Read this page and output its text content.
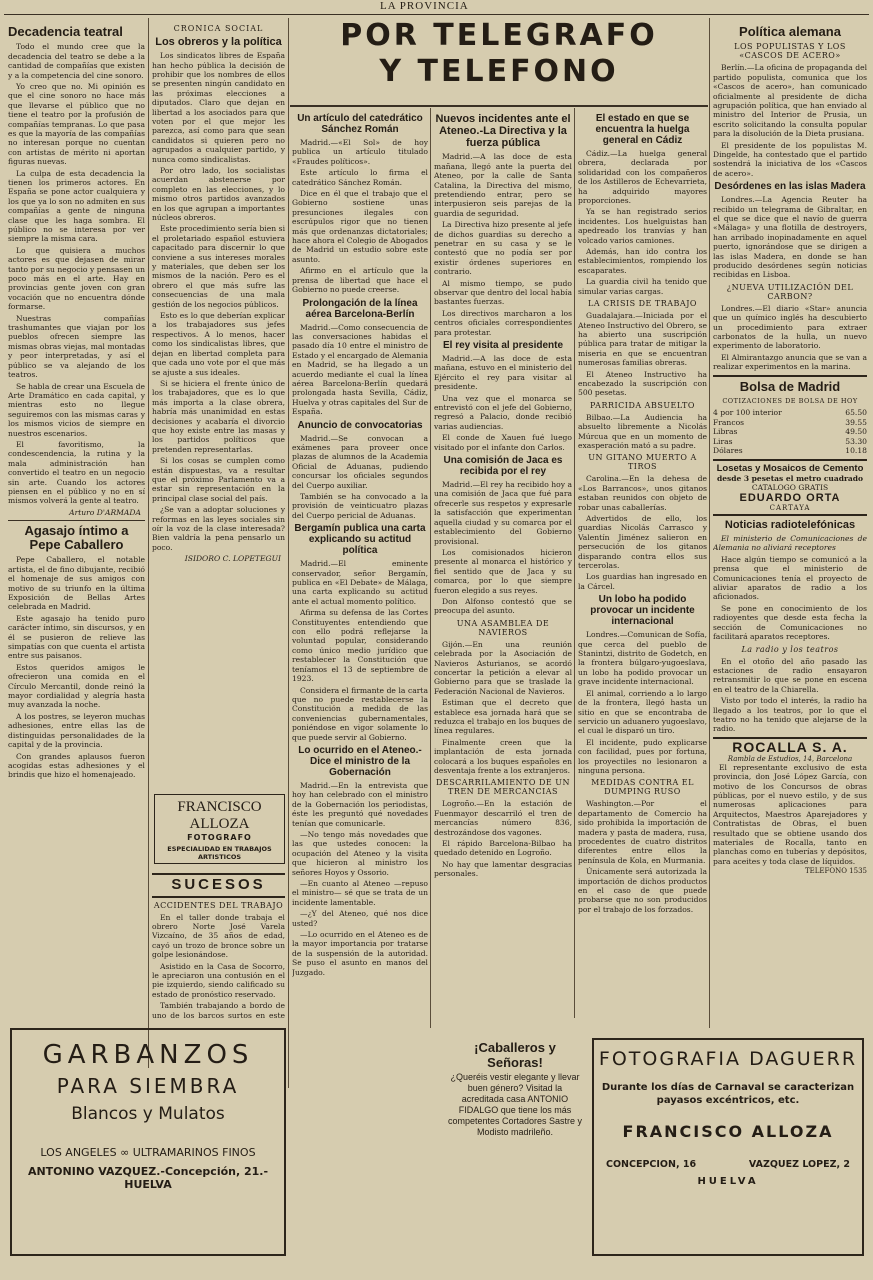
LA PROVINCIA
Decadencia teatral

Todo el mundo cree que la decadencia del teatro se debe a la cantidad de compañías que existen y a la competencia del cine sonoro.

Yo creo que no. Mi opinión es que el cine sonoro no hace más que llevarse el público que no tiene el teatro por la profusión de compañías tempranas. Lo que pasa es que la mayoría de las compañías no interesan porque no cuentan con artistas de mérito ni aportan figuras nuevas.

La culpa de esta decadencia la tienen los primeros actores. En España se pone actor cualquiera y los que ya lo son no admiten en sus compañías a gente de ninguna clase que les haga sombra. El público no se interesa por ver siempre la misma cara.

Lo que quisiera a muchos actores es que dejasen de mirar tanto por su negocio y pensasen un poco más en el arte. Hay en provincias gente joven con gran vocación que no encuentra dónde formarse.

Nuestras compañías trashumantes que viajan por los pueblos ofrecen siempre las mismas obras viejas, mal montadas y peor interpretadas, y así el público se va alejando de los teatros.

Se habla de crear una Escuela de Arte Dramático en cada capital, y mientras esto no llegue seguiremos con las mismas caras y los mismos vicios de siempre en nuestros escenarios.

El favoritismo, la condescendencia, la rutina y la mala administración han convertido el teatro en un negocio sin arte. Cuando los actores piensen en el público y no en sí mismos volverá la gente al teatro.

Arturo D'ARMADA
Agasajo íntimo a Pepe Caballero

Pepe Caballero, el notable artista, el de fino dibujante, recibió el homenaje de sus amigos con motivo de su triunfo en la última Exposición de Bellas Artes celebrada en Madrid.

Este agasajo ha tenido puro carácter íntimo, sin discursos, y en él se pusieron de relieve las simpatías con que cuenta el artista entre sus paisanos.

Estos queridos amigos le ofrecieron una comida en el Círculo Mercantil, donde reinó la mayor cordialidad y alegría hasta muy avanzada la noche.

A los postres, se leyeron muchas adhesiones, entre ellas las de distinguidas personalidades de la capital y de la provincia.

Con grandes aplausos fueron acogidas estas adhesiones y el brindis que hizo el homenajeado.

GARBANZOS
PARA SIEMBRA
Blancos y Mulatos
LOS ANGELES ∞ ULTRAMARINOS FINOS
ANTONINO VAZQUEZ.-Concepción, 21.-HUELVA
CRONICA SOCIAL
Los obreros y la política

Los sindicatos libres de España han hecho pública la decisión de prohibir que los nombres de ellos se presenten ningún candidato en las próximas elecciones a diputados. Claro que dejan en libertad a los asociados para que voten por el que mejor les parezca, así como para que sean candidatos si quieren pero no agrupados a cualquier partido, y nunca como sindicalistas.

Por otro lado, los socialistas acuerdan abstenerse por completo en las elecciones, y lo mismo otros partidos avanzados en los que agrupan a importantes núcleos obreros.

Este procedimiento sería bien si el proletariado español estuviera capacitado para discernir lo que conviene a sus intereses morales y materiales, que deben ser los mismos de la nación. Pero es el obrero el que más sufre las consecuencias de una mala gestión de los negocios públicos.

Esto es lo que deberían explicar a los trabajadores sus jefes respectivos. A lo menos, hacer como los sindicalistas libres, que dejan en libertad completa para que cada uno vote por el que más se ajuste a sus ideales.

Si se hiciera el frente único de los trabajadores, que es lo que más importa a la clase obrera, habría más unanimidad en estas decisiones y acabaría el divorcio que hoy existe entre las masas y los partidos políticos que pretenden representarlas.

Si los cosas se cumplen como están dispuestas, va a resultar que el próximo Parlamento va a estar sin representación en la principal clase social del país.

¿Se van a adoptar soluciones y reformas en las leyes sociales sin oír la voz de la clase interesada? Bien valdría la pena pensarlo un poco.

ISIDORO C. LOPETEGUI
FRANCISCO ALLOZA
FOTOGRAFO
ESPECIALIDAD EN TRABAJOS ARTISTICOS
SUCESOS
ACCIDENTES DEL TRABAJO

En el taller donde trabaja el obrero Norte José Varela Vizcaíno, de 35 años de edad, cayó un trozo de bronce sobre un golpe lesionándose.

Asistido en la Casa de Socorro, le apreciaron una contusión en el pie izquierdo, siendo calificado su estado de pronóstico reservado.

También trabajando a bordo de uno de los barcos surtos en este

POR TELEGRAFO
Y TELEFONO
Un artículo del catedrático Sánchez Román

Madrid.—«El Sol» de hoy publica un artículo titulado «Fraudes políticos».

Este artículo lo firma el catedrático Sánchez Román.

Dice en él que el trabajo que el Gobierno sostiene unas presunciones ilegales con escrúpulos rigor que no tienen más que ordenanzas dictatoriales; hace ahora el Colegio de Abogados de Madrid un estudio sobre este asunto.

Afirmo en el artículo que la prensa de libertad que hace el Gobierno no puede creerse.

Prolongación de la línea aérea Barcelona-Berlín

Madrid.—Como consecuencia de las conversaciones habidas el pasado día 10 entre el ministro de Estado y el encargado de Alemania en Madrid, se ha llegado a un acuerdo mediante el cual la línea aérea Barcelona-Berlín quedará prolongada hasta Sevilla, Cádiz, Huelva y otras capitales del Sur de España.

Anuncio de convocatorias

Madrid.—Se convocan a exámenes para proveer once plazas de alumnos de la Academia Oficial de Aduanas, pudiendo concursar los oficiales segundos del Cuerpo auxiliar.

También se ha convocado a la provisión de veinticuatro plazas del Cuerpo pericial de Aduanas.

Bergamín publica una carta explicando su actitud política

Madrid.—El eminente conservador, señor Bergamín, publica en «El Debate» de Málaga, una carta explicando su actitud ante el actual momento político.

Afirma su defensa de las Cortes Constituyentes entendiendo que con ello podrá reflejarse la voluntad popular, considerando como único medio jurídico que restablecer la Constitución que teníamos el 13 de septiembre de 1923.

Considera el firmante de la carta que no puede restablecerse la Constitución a medida de las conveniencias gubernamentales, poniéndose en vigor solamente lo que puede servir al Gobierno.

Lo ocurrido en el Ateneo.-Dice el ministro de la Gobernación

Madrid.—En la entrevista que hoy han celebrado con el ministro de la Gobernación los periodistas, éste les preguntó qué novedades tenían que comunicarle.

—No tengo más novedades que las que ustedes conocen: la ocupación del Ateneo y la visita que hicieron al ministro los señores Hoyos y Ossorio.

—En cuanto al Ateneo —repuso el ministro— sé que se trata de un incidente lamentable.

—¿Y del Ateneo, qué nos dice usted?

—Lo ocurrido en el Ateneo es de la mayor importancia por tratarse de la suspensión de la autoridad. Se puso el asunto en manos del Juzgado.

Nuevos incidentes ante el Ateneo.-La Directiva y la fuerza pública

Madrid.—A las doce de esta mañana, llegó ante la puerta del Ateneo, por la calle de Santa Catalina, la Directiva del mismo, pretendiendo entrar, pero se interpusieron seis parejas de la guardia de seguridad.

La Directiva hizo presente al jefe de dichos guardias su derecho a penetrar en su casa y se le contestó que no podía ser por existir órdenes superiores en contrario.

Al mismo tiempo, se pudo observar que dentro del local había bastantes fuerzas.

Los directivos marcharon a los centros oficiales correspondientes para protestar.

El rey visita al presidente

Madrid.—A las doce de esta mañana, estuvo en el ministerio del Ejército el rey para visitar al presidente.

Una vez que el monarca se entrevistó con el jefe del Gobierno, regresó a Palacio, donde recibió varias audiencias.

El conde de Xauen fué luego visitado por el infante don Carlos.

Una comisión de Jaca es recibida por el rey

Madrid.—El rey ha recibido hoy a una comisión de Jaca que fué para ofrecerle sus respetos y expresarle la satisfacción que experimentan aquella ciudad y su comarca por el establecimiento del Gobierno provisional.

Los comisionados hicieron presente al monarca el histórico y fiel sentido que de Jaca y su comarca, por lo que siempre fueron elegido a sus reyes.

Don Alfonso contestó que se preocupa del asunto.

UNA ASAMBLEA DE NAVIEROS

Gijón.—En una reunión celebrada por la Asociación de Navieros Asturianos, se acordó concertar la petición a elevar al Gobierno para que se traslade la Federación Nacional de Navieros.

Estiman que el decreto que establece esa jornada hará que se reduzca el trabajo en los buques de línea regulares.

Finalmente creen que la implantación de esta jornada colocará a los buques españoles en desventaja frente a los extranjeros.

DESCARRILAMIENTO DE UN TREN DE MERCANCIAS

Logroño.—En la estación de Fuenmayor descarriló el tren de mercancías número 836, destrozándose dos vagones.

El rápido Barcelona-Bilbao ha quedado detenido en Logroño.

No hay que lamentar desgracias personales.

¡Caballeros y Señoras!
¿Queréis vestir elegante y llevar buen género? Visitad la acreditada casa ANTONIO FIDALGO que tiene los más competentes Cortadores Sastre y Modisto madrileño.
El estado en que se encuentra la huelga general en Cádiz

Cádiz.—La huelga general obrera, declarada por solidaridad con los compañeros de los Astilleros de Echevarrieta, ha adquirido mayores proporciones.

Ya se han registrado serios incidentes. Los huelguistas han apedreado los tranvías y han volcado varios camiones.

Además, han ido contra los establecimientos, rompiendo los escaparates.

La guardia civil ha tenido que simular varias cargas.

LA CRISIS DE TRABAJO

Guadalajara.—Iniciada por el Ateneo Instructivo del Obrero, se ha abierto una suscripción pública para tratar de mitigar la miseria en que se encuentran numerosas familias obreras.

El Ateneo Instructivo ha encabezado la suscripción con 500 pesetas.

PARRICIDA ABSUELTO

Bilbao.—La Audiencia ha absuelto libremente a Nicolás Múrcua que en un momento de exasperación mató a su padre.

UN GITANO MUERTO A TIROS

Carolina.—En la dehesa de «Los Barrancos», unos gitanos estaban reunidos con objeto de robar unas caballerías.

Advertidos de ello, los guardias Nicolás Carrasco y Valentín Jiménez salieron en persecución de los gitanos disparando contra ellos sus tercerolas.

Los guardias han ingresado en la Cárcel.

Un lobo ha podido provocar un incidente internacional

Londres.—Comunican de Sofía, que cerca del pueblo de Stanintzi, distrito de Godetch, en la frontera búlgaro-yugoeslava, un lobo ha podido provocar un grave incidente internacional.

El animal, corriendo a lo largo de la frontera, llegó hasta un sitio en que se encontraba de servicio un aduanero yugoeslavo, el cual le disparó un tiro.

El incidente, pudo explicarse con facilidad, pues por fortuna, los proyectiles no lesionaron a ninguna persona.

MEDIDAS CONTRA EL DUMPING RUSO

Washington.—Por el departamento de Comercio ha sido prohibida la importación de madera y pasta de madera, rusa, procedentes de cuatro distritos diferentes entre ellos la península de Kola, en Murmania.

Únicamente será autorizada la importación de dichos productos en el caso de que puede probarse que no son producidos por el trabajo de los forzados.

Política alemana
LOS POPULISTAS Y LOS «CASCOS DE ACERO»

Berlín.—La oficina de propaganda del partido populista, comunica que los «Cascos de acero», han comunicado oficialmente al presidente de dicha agrupación política, que han enviado al ministro del Interior de Prusia, un escrito solicitando la consulta popular para la disolución de la Dieta prusiana.

El presidente de los populistas M. Dingelde, ha contestado que el partido sostendrá la iniciativa de los «Cascos de acero».

Desórdenes en las islas Madera

Londres.—La Agencia Reuter ha recibido un telegrama de Gibraltar, en el que se dice que el navío de guerra «Málaga» y una flotilla de destroyers, han arribado inopinadamente en aquel puerto, ignorándose que se dirigen a las islas Madera, en donde se han producido desórdenes según noticias recibidas en Lisboa.

¿NUEVA UTILIZACIÓN DEL CARBON?

Londres.—El diario «Star» anuncia que un químico inglés ha descubierto un procedimiento para extraer carbonatos de la hulla, un nuevo experimento de laboratorio.

El Almirantazgo anuncia que se van a realizar experimentos en la marina.

Bolsa de Madrid
COTIZACIONES DE BOLSA DE HOY
4 por 100 interior	65.50
Francos	39.55
Libras	49.50
Liras	53.30
Dólares	10.18
Losetas y Mosaicos de Cemento
desde 3 pesetas el metro cuadrado
CATALOGO GRATIS
EDUARDO ORTA
CARTAYA
Noticias radiotelefónicas

El ministerio de Comunicaciones de Alemania no aliviará receptores

Hace algún tiempo se comunicó a la prensa que el ministerio de Comunicaciones tenía el proyecto de aliviar aparatos de radio a los aficionados.

Se pone en conocimiento de los radioyentes que desde esta fecha la sección de Comunicaciones no facilitará aparatos receptores.

La radio y los teatros

En el otoño del año pasado las estaciones de radio ensayaron retransmitir lo que se pone en escena en el teatro de la Chiarella.

Visto por todo el interés, la radio ha llegado a los teatros, por lo que el teatro no ha tenido que alejarse de la radio.

ROCALLA S. A.
Rambla de Estudios, 14, Barcelona
El representante exclusivo de esta provincia, don José López García, con motivo de los Concursos de obras públicas, por el nuevo estilo, y de sus numerosas aplicaciones para Arquitectos, Maestros Aparejadores y Contratistas de Obras, el buen resultado que se obtiene usando dos materiales de Rocalla, tanto en planchas como en tuberías y depósitos, para aceites y toda clase de líquidos.
TELEFONO 1535
FOTOGRAFIA DAGUERR
Durante los días de Carnaval se caracterizan
payasos excéntricos, etc.
FRANCISCO ALLOZA
CONCEPCION, 16	VAZQUEZ LOPEZ, 2
HUELVA
